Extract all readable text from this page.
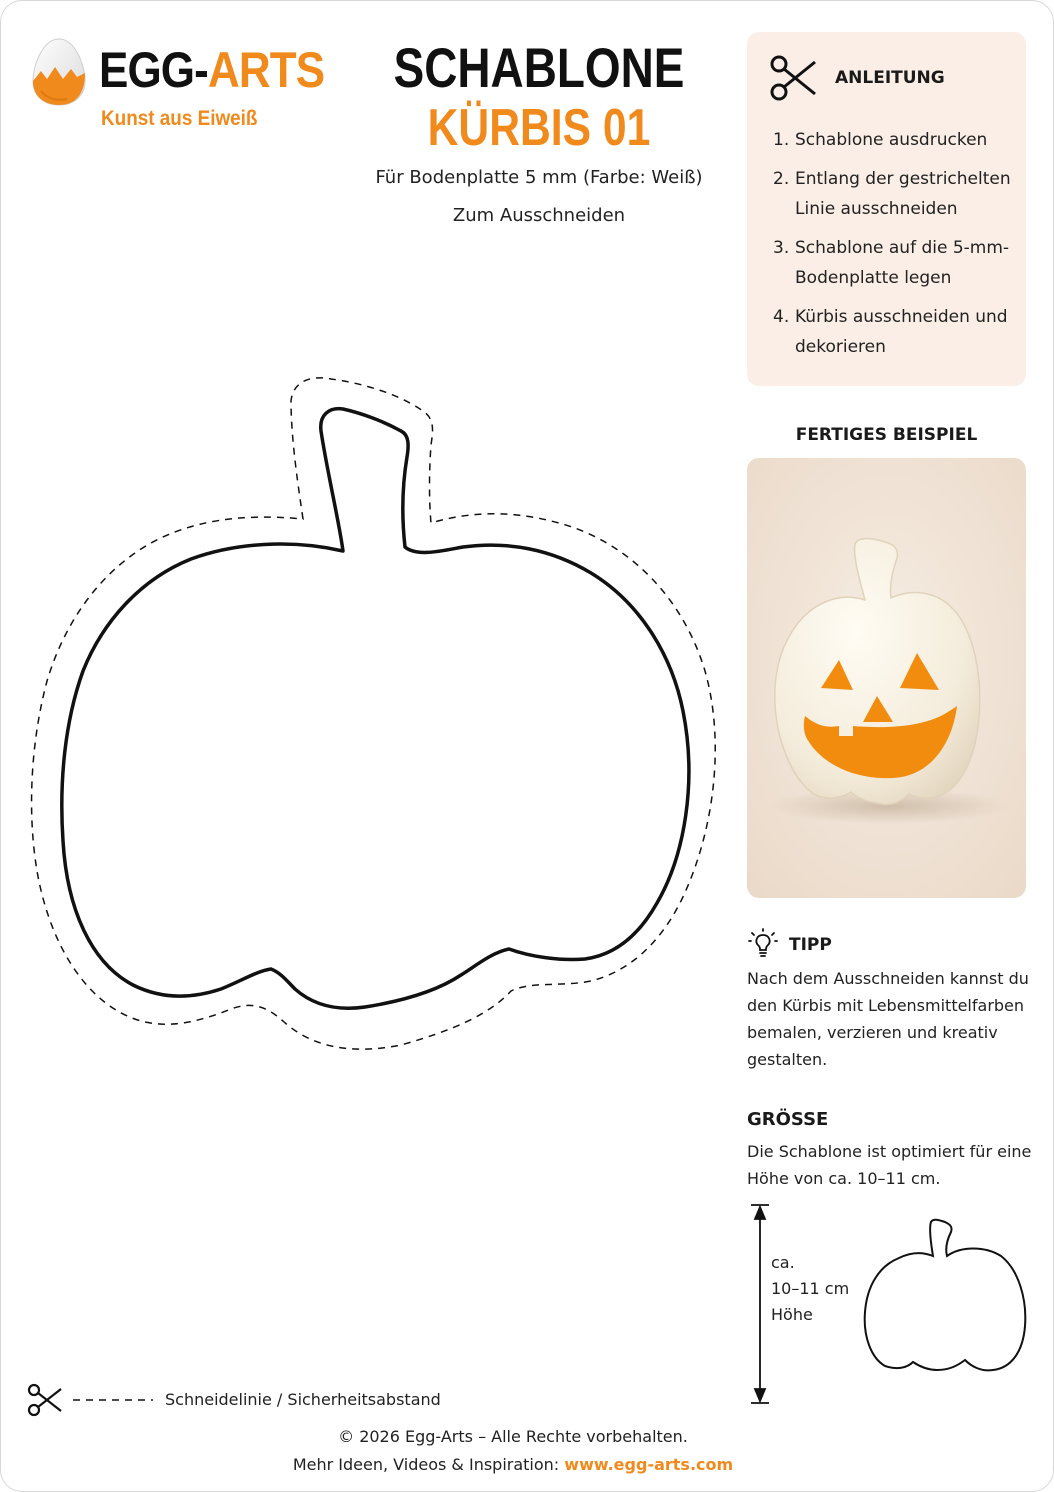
EGG-ARTS
Kunst aus Eiweiß
SCHABLONE
KÜRBIS 01
Für Bodenplatte 5 mm (Farbe: Weiß)
Zum Ausschneiden
ANLEITUNG
1. Schablone ausdrucken
2. Entlang der gestrichelten Linie ausschneiden
3. Schablone auf die 5-mm-Bodenplatte legen
4. Kürbis ausschneiden und dekorieren
FERTIGES BEISPIEL
TIPP
Nach dem Ausschneiden kannst du den Kürbis mit Lebensmittelfarben bemalen, verzieren und kreativ gestalten.
GRÖSSE
Die Schablone ist optimiert für eine Höhe von ca. 10–11 cm.
ca.
10–11 cm
Höhe
Schneidelinie / Sicherheitsabstand
© 2026 Egg-Arts – Alle Rechte vorbehalten.
Mehr Ideen, Videos & Inspiration: www.egg-arts.com
